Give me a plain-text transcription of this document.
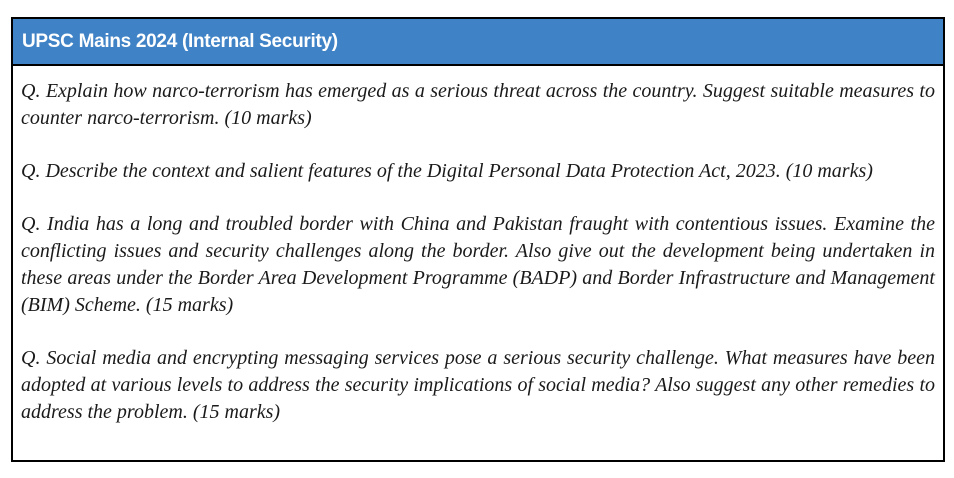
UPSC Mains 2024 (Internal Security)

Q. Explain how narco-terrorism has emerged as a serious threat across the country. Suggest suitable measures to counter narco-terrorism. (10 marks)

Q. Describe the context and salient features of the Digital Personal Data Protection Act, 2023. (10 marks)

Q. India has a long and troubled border with China and Pakistan fraught with contentious issues. Examine the conflicting issues and security challenges along the border. Also give out the development being undertaken in these areas under the Border Area Development Programme (BADP) and Border Infrastructure and Management (BIM) Scheme. (15 marks)

Q. Social media and encrypting messaging services pose a serious security challenge. What measures have been adopted at various levels to address the security implications of social media? Also suggest any other remedies to address the problem. (15 marks)
